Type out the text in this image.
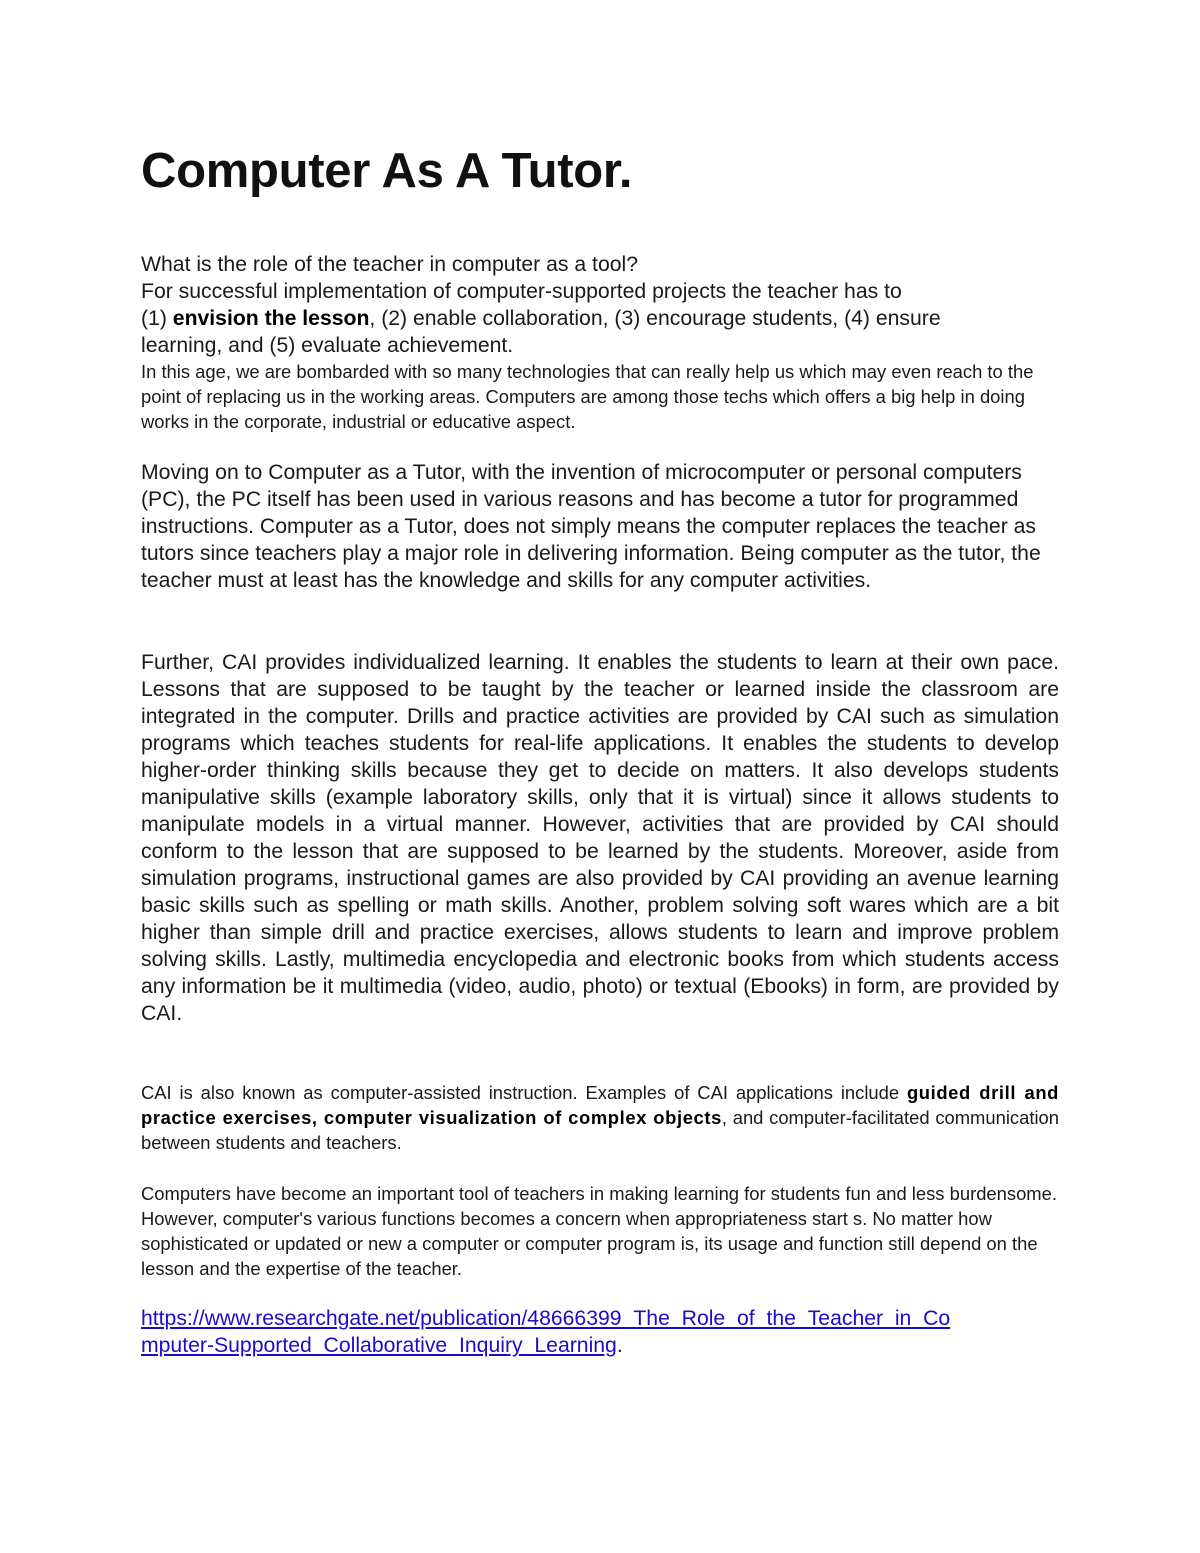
Computer As A Tutor.
What is the role of the teacher in computer as a tool?
For successful implementation of computer-supported projects the teacher has to
(1) envision the lesson, (2) enable collaboration, (3) encourage students, (4) ensure
learning, and (5) evaluate achievement.

In this age, we are bombarded with so many technologies that can really help us which may even reach to the point of replacing us in the working areas. Computers are among those techs which offers a big help in doing works in the corporate, industrial or educative aspect.

Moving on to Computer as a Tutor, with the invention of microcomputer or personal computers (PC), the PC itself has been used in various reasons and has become a tutor for programmed instructions. Computer as a Tutor, does not simply means the computer replaces the teacher as tutors since teachers play a major role in delivering information. Being computer as the tutor, the teacher must at least has the knowledge and skills for any computer activities.

Further, CAI provides individualized learning. It enables the students to learn at their own pace. Lessons that are supposed to be taught by the teacher or learned inside the classroom are integrated in the computer. Drills and practice activities are provided by CAI such as simulation programs which teaches students for real-life applications. It enables the students to develop higher-order thinking skills because they get to decide on matters. It also develops students manipulative skills (example laboratory skills, only that it is virtual) since it allows students to manipulate models in a virtual manner. However, activities that are provided by CAI should conform to the lesson that are supposed to be learned by the students. Moreover, aside from simulation programs, instructional games are also provided by CAI providing an avenue learning basic skills such as spelling or math skills. Another, problem solving soft wares which are a bit higher than simple drill and practice exercises, allows students to learn and improve problem solving skills. Lastly, multimedia encyclopedia and electronic books from which students access any information be it multimedia (video, audio, photo) or textual (Ebooks) in form, are provided by CAI.

CAI is also known as computer-assisted instruction. Examples of CAI applications include guided drill and practice exercises, computer visualization of complex objects, and computer-facilitated communication between students and teachers.

Computers have become an important tool of teachers in making learning for students fun and less burdensome. However, computer's various functions becomes a concern when appropriateness start s. No matter how sophisticated or updated or new a computer or computer program is, its usage and function still depend on the lesson and the expertise of the teacher.

https://www.researchgate.net/publication/48666399_The_Role_of_the_Teacher_in_Co
mputer-Supported_Collaborative_Inquiry_Learning.
